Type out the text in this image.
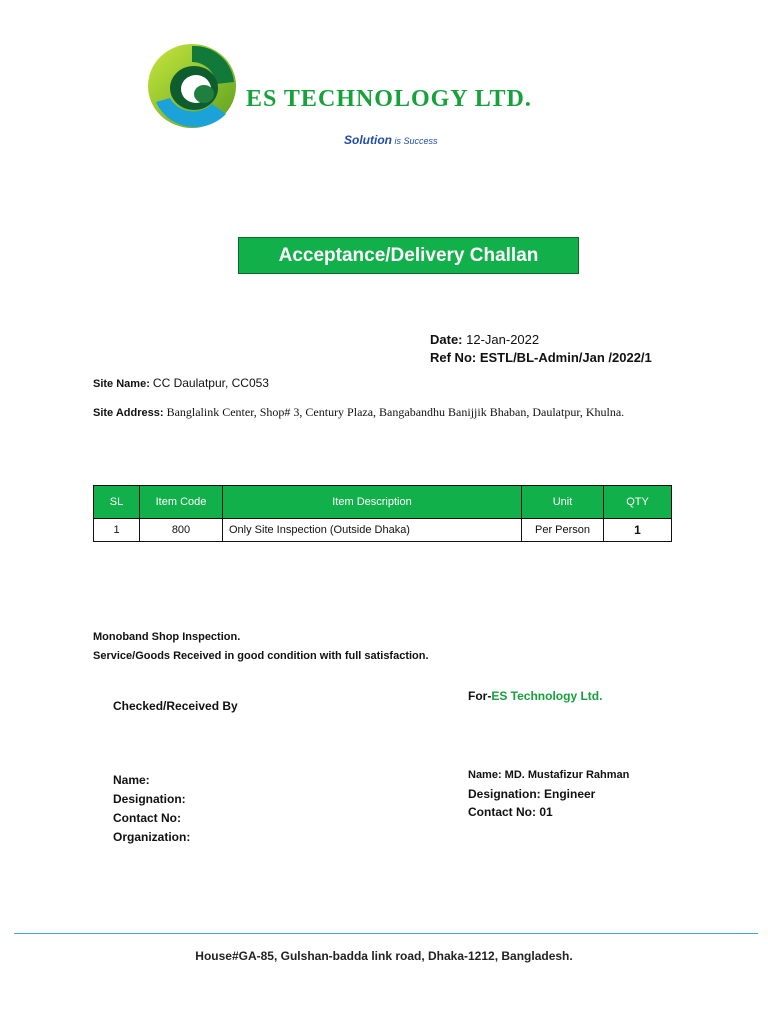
ES TECHNOLOGY LTD.
Solution is Success
Acceptance/Delivery Challan
Date: 12-Jan-2022
Ref No: ESTL/BL-Admin/Jan /2022/1
Site Name: CC Daulatpur, CC053
Site Address: Banglalink Center, Shop# 3, Century Plaza, Bangabandhu Banijjik Bhaban, Daulatpur, Khulna.
SL	Item Code	Item Description	Unit	QTY
1	800	Only Site Inspection (Outside Dhaka)	Per Person	1
Monoband Shop Inspection.
Service/Goods Received in good condition with full satisfaction.
Checked/Received By
For-ES Technology Ltd.
Name:
Designation:
Contact No:
Organization:
Name: MD. Mustafizur Rahman
Designation: Engineer
Contact No: 01
House#GA-85, Gulshan-badda link road, Dhaka-1212, Bangladesh.
